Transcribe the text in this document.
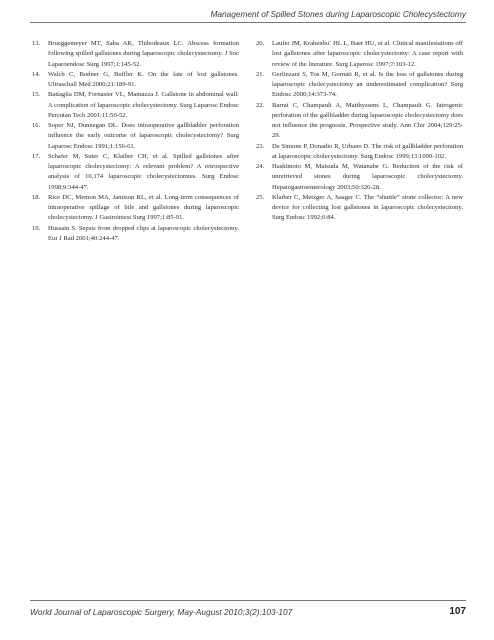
Management of Spilled Stones during Laparoscopic Cholecystectomy
13.	Brueggemeyer MT, Saba AK, Thibodeaux LC. Abscess formation following spilled gallstones during laparoscopic cholecystectomy. J Soc Laparoendosc Surg 1997;1:145-52.
14.	Walch C, Bodner G, Buffler K. On the fate of lost gallstones. Ultraschall Med 2000;21:189-91.
15.	Battaglia DM, Fornasier VL, Mamazza J. Gallstone in abdominal wall: A complication of laparoscopic cholecystectomy. Surg Laparosc Endosc Percutan Tech 2001;11:50-52.
16.	Soper NJ, Dunnegan DL. Does intraoperative gallbladder perforation influence the early outcome of laparoscopic cholecystectomy? Surg Laparosc Endosc 1991;1:156-61.
17.	Schafer M, Suter C, Klaiber CH, et al. Spilled gallstones after laparoscopic cholecystectomy: A relevant problem? A retrospective analysis of 10,174 laparoscopic cholecystectomies. Surg Endosc 1998;9:344-47.
18.	Rice DC, Memon MA, Jamison RL, et al. Long-term consequences of intraoperative spillage of bile and gallstones during laparoscopic cholecystectomy. J Gastrointest Surg 1997;1:85-91.
19.	Hussain S. Sepsis from dropped clips at laparoscopic cholecystectomy. Eur J Rad 2001;40:244-47.
20.	Laufer JM, Krahenbu¨ HL L, Baer HU, et al. Clinical manifestations off lost gallstones after laparoscopic cholecystectomy: A case report with review of the literature. Surg Laparosc 1997;7:103-12.
21.	Gerlinzani S, Tos M, Gornati R, et al. Is the loss of gallstones during laparoscopic cholecystectomy an underestimated complication? Surg Endosc 2000;14:373-74.
22.	Barrat C, Champault A, Matthyssens L, Champault G. Iatrogenic perforation of the gallbladder during laparoscopic cholecystectomy does not influence the prognosis. Prospective study. Ann Chir 2004;129:25-29.
23.	De Simone P, Donadio R, Urbano D. The risk of gallbladder perforation at laparoscopic cholecystectomy. Surg Endosc 1999;13:1099-102.
24.	Hashimoto M, Matsuda M, Watanabe G. Reduction of the risk of unretrieved stones during laparoscopic cholecystectomy. Hepatogastroenterology 2003;50:326-28.
25.	Klaiber C, Metzger A, Saager C. The “shuttle” stone collector: A new device for collecting lost gallstones in laparoscopic cholecystectomy. Surg Endosc 1992;6:84.
World Journal of Laparoscopic Surgery, May-August 2010;3(2):103-107	107
